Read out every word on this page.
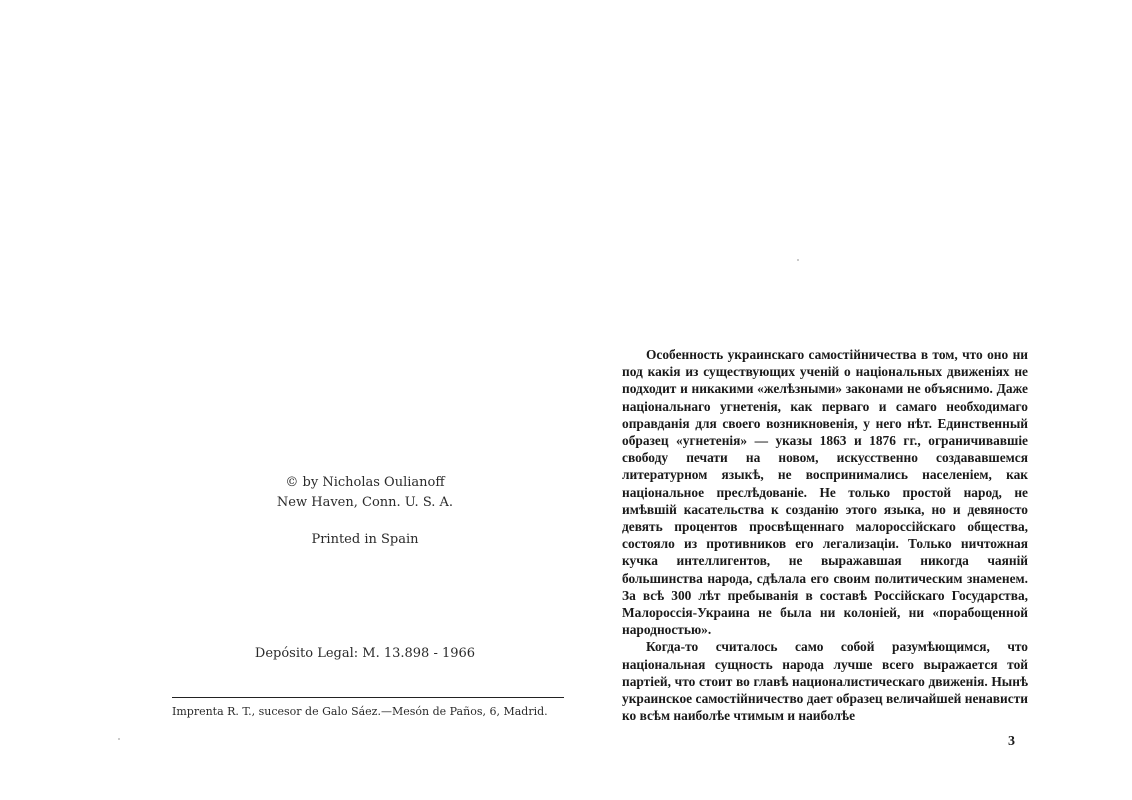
© by Nicholas Oulianoff
New Haven, Conn. U. S. A.
Printed in Spain
Depósito Legal: M. 13.898 - 1966
Imprenta R. T., sucesor de Galo Sáez.—Mesón de Paños, 6, Madrid.

Особенность украинскаго самостійничества в том, что оно ни под какія из существующих ученій о національных движеніях не подходит и никакими «желѣзными» законами не объяснимо. Даже національнаго угнетенія, как перваго и самаго необходимаго оправданія для своего возникновенія, у него нѣт. Единственный образец «угнетенія» — указы 1863 и 1876 гг., ограничивавшіе свободу печати на новом, искусственно создававшемся литературном языкѣ, не воспринимались населеніем, как національное преслѣдованіе. Не только простой народ, не имѣвшій касательства к созданію этого языка, но и девяносто девять процентов просвѣщеннаго малороссійскаго общества, состояло из противников его легализаціи. Только ничтожная кучка интеллигентов, не выражавшая никогда чаяній большинства народа, сдѣлала его своим политическим знаменем. За всѣ 300 лѣт пребыванія в составѣ Россійскаго Государства, Малороссія-Украина не была ни колоніей, ни «порабощенной народностью».

Когда-то считалось само собой разумѣющимся, что національная сущность народа лучше всего выражается той партіей, что стоит во главѣ националистическаго движенія. Нынѣ украинское самостійничество дает образец величайшей ненависти ко всѣм наиболѣе чтимым и наиболѣе

3
